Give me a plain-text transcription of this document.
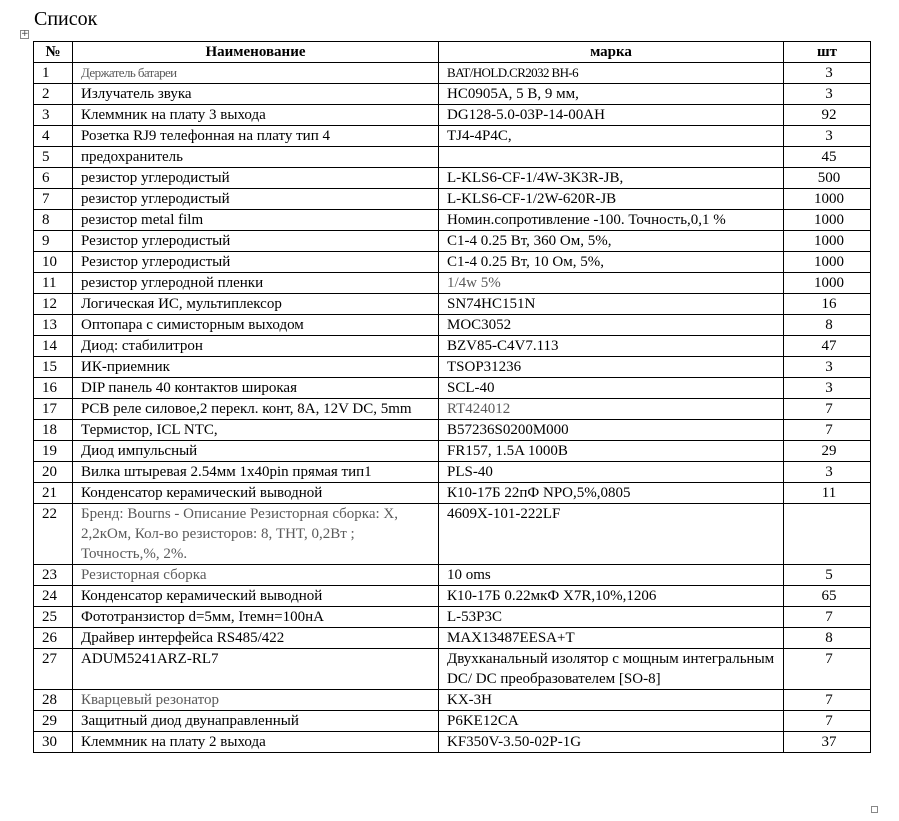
Список
+
№	Наименование	марка	шт
1	Держатель батареи	BAT/HOLD.CR2032 BH-6	3
2	Излучатель звука	HC0905A, 5 B, 9 мм,	3
3	Клеммник на плату 3 выхода	DG128-5.0-03P-14-00AH	92
4	Розетка RJ9 телефонная на плату тип 4	TJ4-4P4C,	3
5	предохранитель		45
6	резистор углеродистый	L-KLS6-CF-1/4W-3K3R-JB,	500
7	резистор углеродистый	L-KLS6-CF-1/2W-620R-JB	1000
8	резистор metal film	Номин.сопротивление -100. Точность,0,1 %	1000
9	Резистор углеродистый	С1-4 0.25 Вт, 360 Ом, 5%,	1000
10	Резистор углеродистый	С1-4 0.25 Вт, 10 Ом, 5%,	1000
11	резистор углеродной пленки	1/4w 5%	1000
12	Логическая ИС, мультиплексор	SN74HC151N	16
13	Оптопара с симисторным выходом	MOC3052	8
14	Диод: стабилитрон	BZV85-C4V7.113	47
15	ИК-приемник	TSOP31236	3
16	DIP панель 40 контактов широкая	SCL-40	3
17	PCB реле силовое,2 перекл. конт, 8A, 12V DC, 5mm	RT424012	7
18	Термистор, ICL NTC,	B57236S0200M000	7
19	Диод импульсный	FR157, 1.5A 1000B	29
20	Вилка штыревая 2.54мм 1х40pin прямая тип1	PLS-40	3
21	Конденсатор керамический выводной	К10-17Б 22пФ NPO,5%,0805	11
22	Бренд: Bourns - Описание Резисторная сборка: X, 2,2кОм, Кол-во резисторов: 8, THT, 0,2Вт ; Точность,%, 2%.	4609X-101-222LF	
23	Резисторная сборка	10 oms	5
24	Конденсатор керамический выводной	К10-17Б 0.22мкФ X7R,10%,1206	65
25	Фототранзистор d=5мм, Iтемн=100нА	L-53P3C	7
26	Драйвер интерфейса RS485/422	MAX13487EESA+T	8
27	ADUM5241ARZ-RL7	Двухканальный изолятор с мощным интегральным DC/ DC преобразователем [SO-8]	7
28	Кварцевый резонатор	KX-3H	7
29	Защитный диод двунаправленный	P6KE12CA	7
30	Клеммник на плату 2 выхода	KF350V-3.50-02P-1G	37
